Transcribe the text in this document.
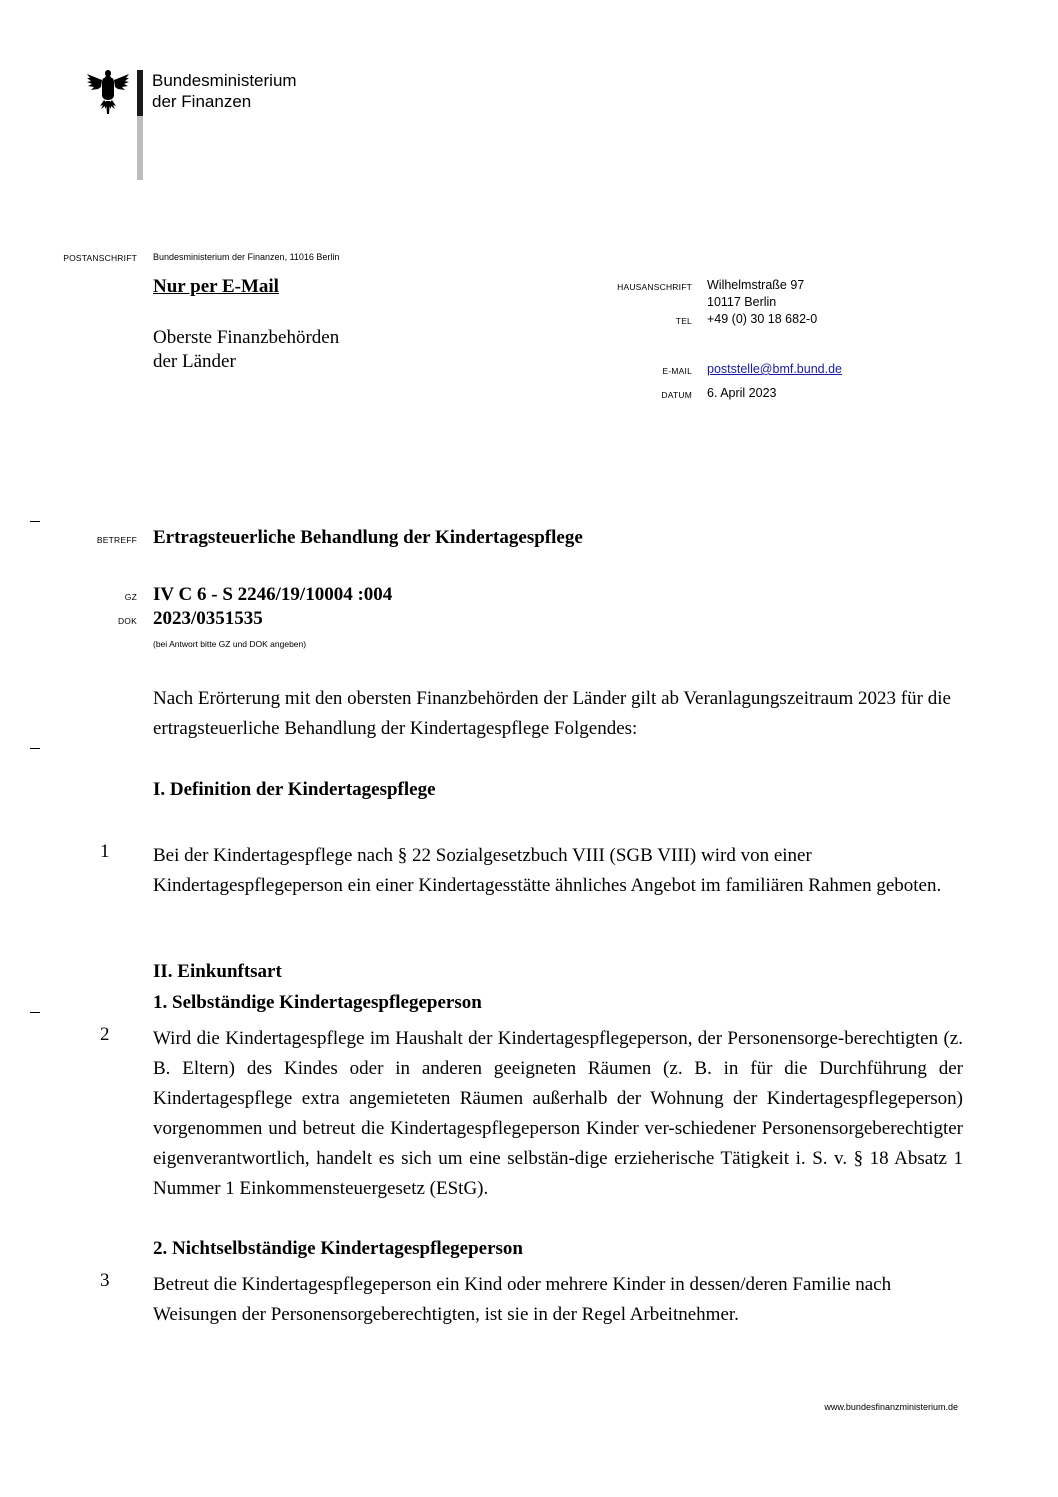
Bundesministerium
der Finanzen
POSTANSCHRIFT Bundesministerium der Finanzen, 11016 Berlin
Nur per E-Mail
Oberste Finanzbehörden
der Länder
HAUSANSCHRIFT Wilhelmstraße 97
10117 Berlin
TEL +49 (0) 30 18 682-0
E-MAIL poststelle@bmf.bund.de
DATUM 6. April 2023
BETREFF Ertragsteuerliche Behandlung der Kindertagespflege
GZ IV C 6 - S 2246/19/10004 :004
DOK 2023/0351535
(bei Antwort bitte GZ und DOK angeben)
Nach Erörterung mit den obersten Finanzbehörden der Länder gilt ab Veranlagungszeitraum 2023 für die ertragsteuerliche Behandlung der Kindertagespflege Folgendes:
I. Definition der Kindertagespflege
1	Bei der Kindertagespflege nach § 22 Sozialgesetzbuch VIII (SGB VIII) wird von einer Kindertagespflegeperson ein einer Kindertagesstätte ähnliches Angebot im familiären Rahmen geboten.
II. Einkunftsart
1. Selbständige Kindertagespflegeperson
2	Wird die Kindertagespflege im Haushalt der Kindertagespflegeperson, der Personensorge-berechtigten (z. B. Eltern) des Kindes oder in anderen geeigneten Räumen (z. B. in für die Durchführung der Kindertagespflege extra angemieteten Räumen außerhalb der Wohnung der Kindertagespflegeperson) vorgenommen und betreut die Kindertagespflegeperson Kinder ver-schiedener Personensorgeberechtigter eigenverantwortlich, handelt es sich um eine selbstän-dige erzieherische Tätigkeit i. S. v. § 18 Absatz 1 Nummer 1 Einkommensteuergesetz (EStG).
2. Nichtselbständige Kindertagespflegeperson
3	Betreut die Kindertagespflegeperson ein Kind oder mehrere Kinder in dessen/deren Familie nach Weisungen der Personensorgeberechtigten, ist sie in der Regel Arbeitnehmer.
www.bundesfinanzministerium.de
